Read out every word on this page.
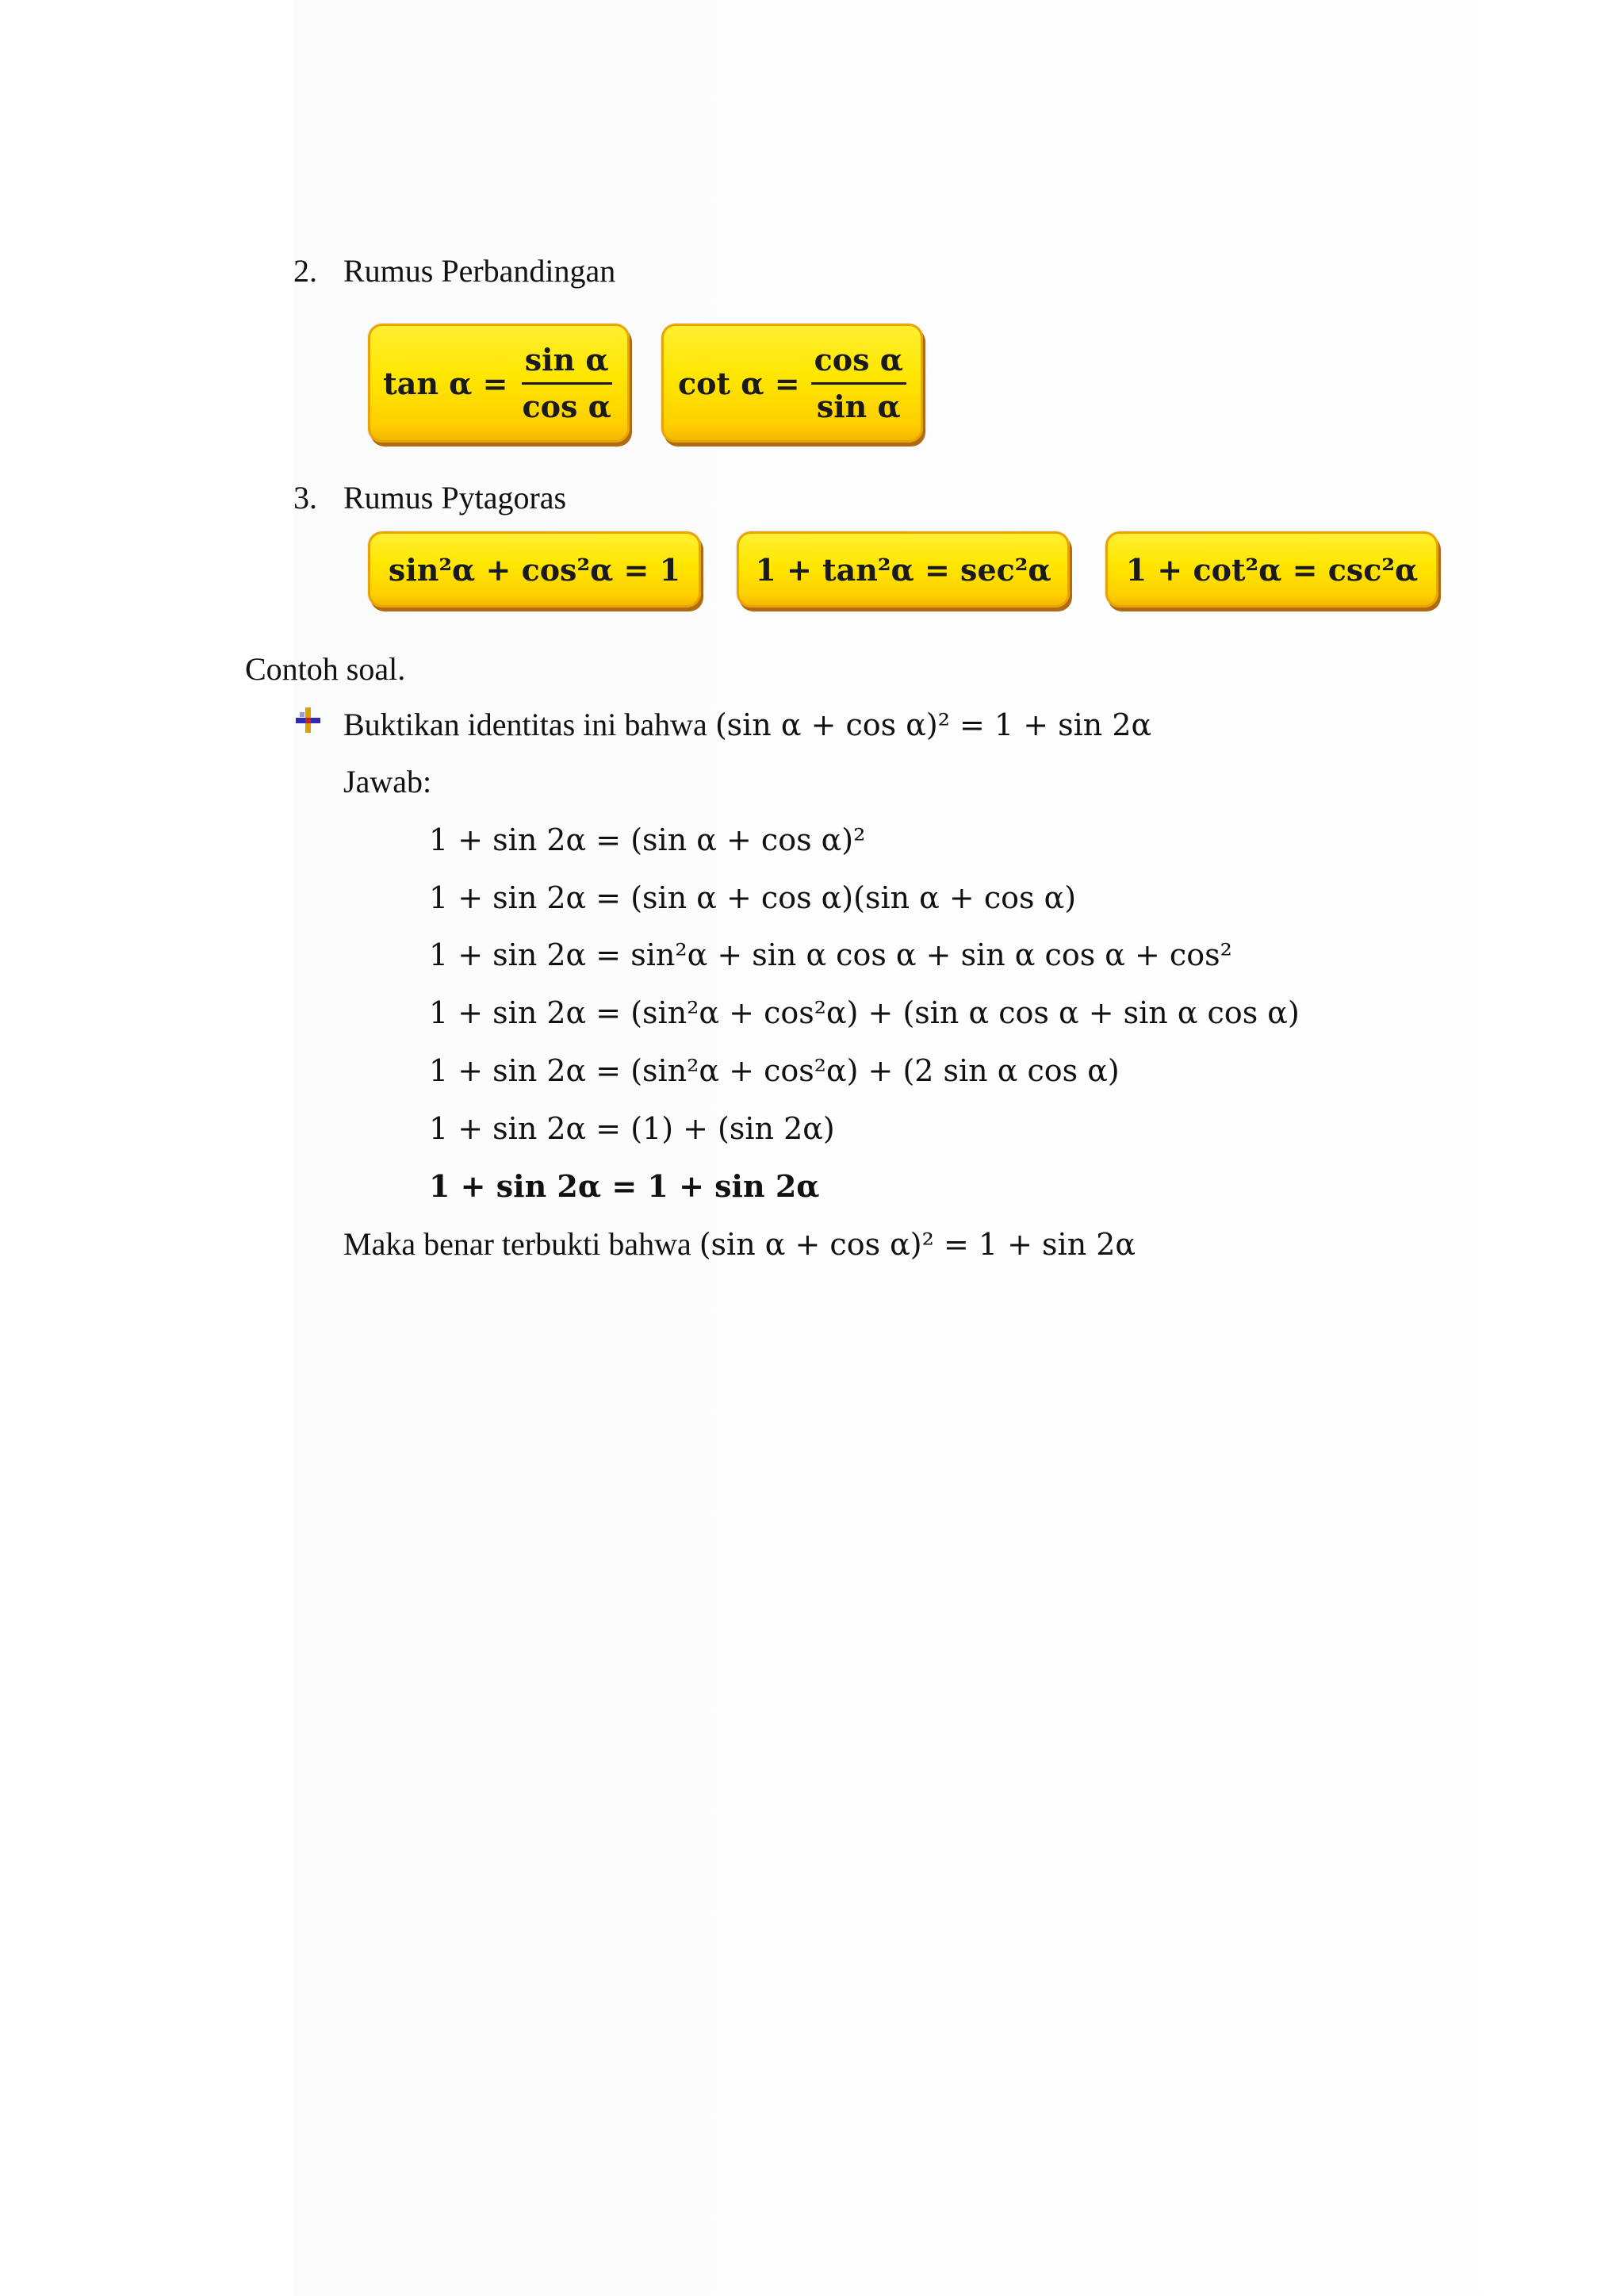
2. Rumus Perbandingan
$\tan \alpha = \frac{\text{sin α}}{\text{cos α}}$ $\cot \alpha = \frac{\text{cos α}}{\text{sin α}}$
3. Rumus Pytagoras
sin²α + cos²α = 1	1 + tan²α = sec²α	1 + cot²α = csc²α
Contoh soal.
Buktikan identitas ini bahwa (sin α + cos α)² = 1 + sin 2α
Jawab:
1 + sin 2α = (sin α + cos α)²
1 + sin 2α = (sin α + cos α)(sin α + cos α)
1 + sin 2α = sin²α + sin α cos α + sin α cos α + cos²
1 + sin 2α = (sin²α + cos²α) + (sin α cos α + sin α cos α)
1 + sin 2α = (sin²α + cos²α) + (2 sin α cos α)
1 + sin 2α = (1) + (sin 2α)
1 + sin 2α = 1 + sin 2α
Maka benar terbukti bahwa (sin α + cos α)² = 1 + sin 2α
